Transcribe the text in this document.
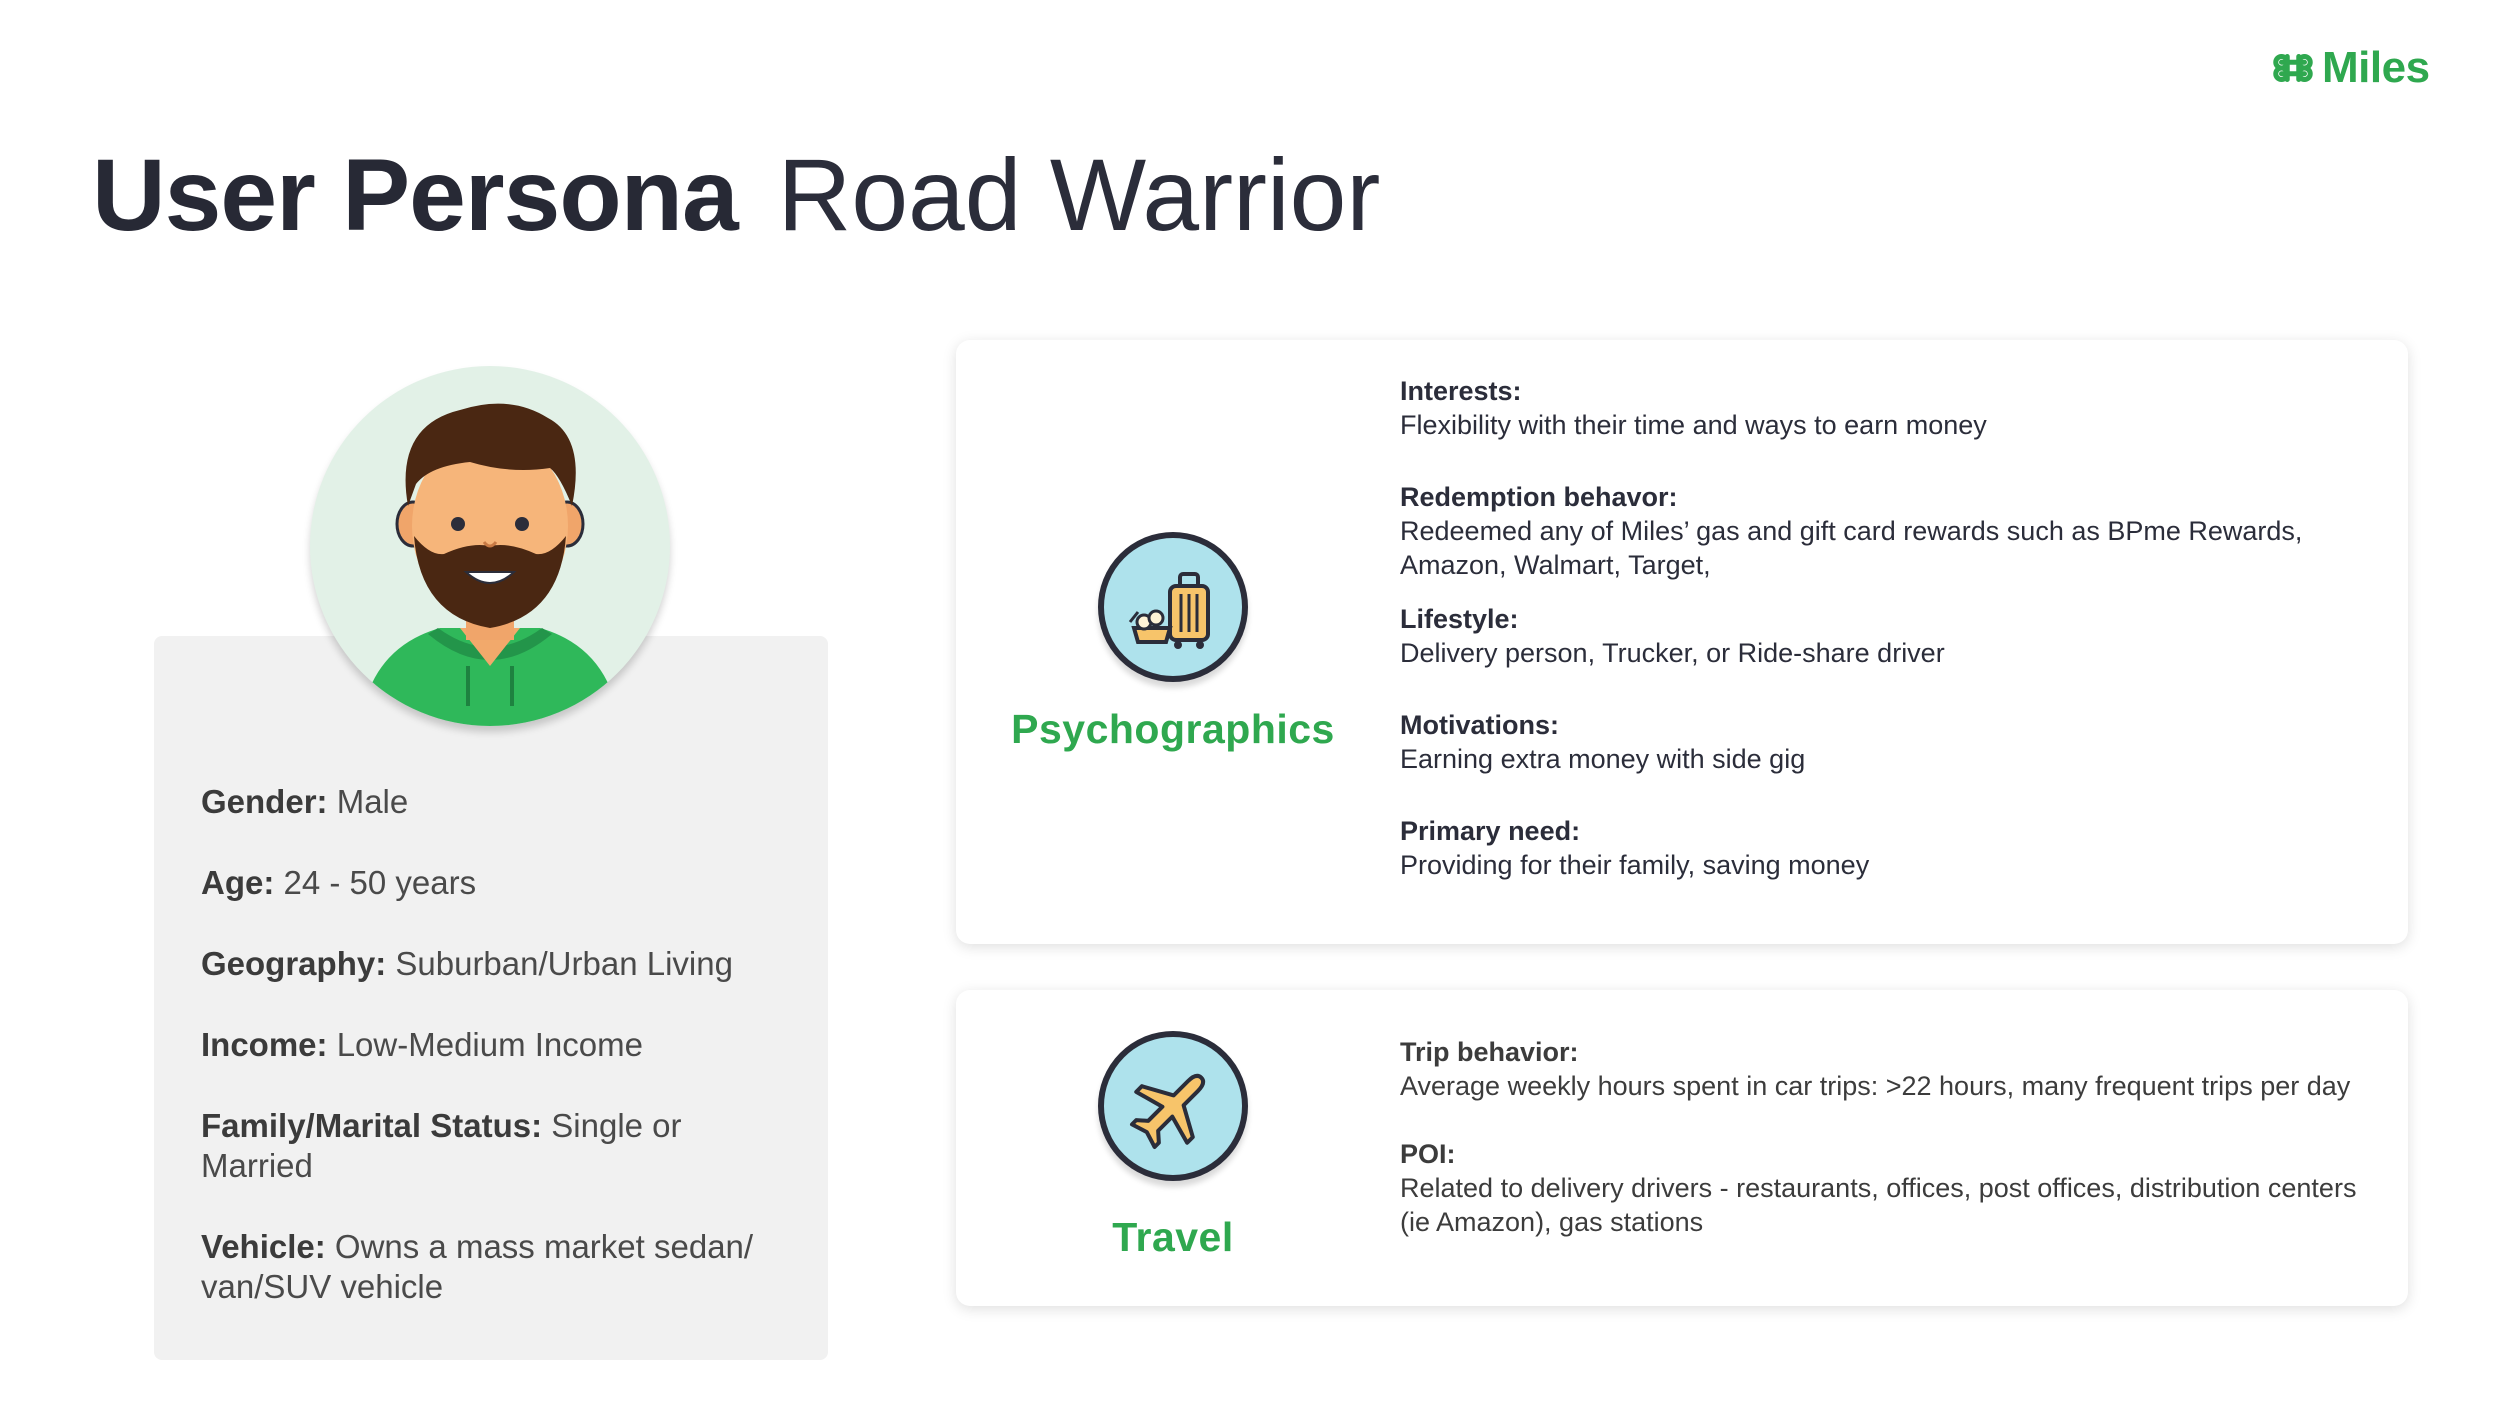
Miles
User Persona Road Warrior

Gender: Male

Age: 24 - 50 years

Geography: Suburban/Urban Living

Income: Low-Medium Income

Family/Marital Status: Single or Married

Vehicle: Owns a mass market sedan/ van/SUV vehicle

Psychographics
Interests:
Flexibility with their time and ways to earn money
Redemption behavor:
Redeemed any of Miles’ gas and gift card rewards such as BPme Rewards, Amazon, Walmart, Target,
Lifestyle:
Delivery person, Trucker, or Ride-share driver
Motivations:
Earning extra money with side gig
Primary need:
Providing for their family, saving money
Travel
Trip behavior:
Average weekly hours spent in car trips: >22 hours, many frequent trips per day
POI:
Related to delivery drivers - restaurants, offices, post offices, distribution centers (ie Amazon), gas stations
